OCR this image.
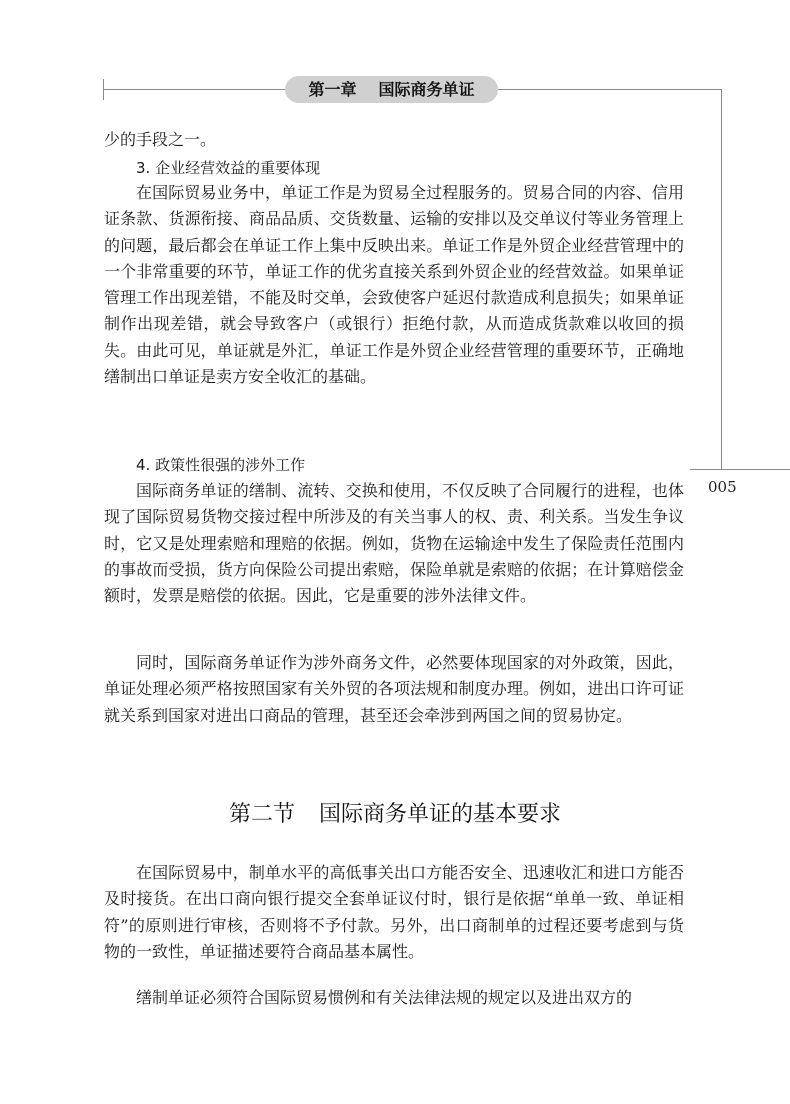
第一章 国际商务单证
005

少的手段之一。

3. 企业经营效益的重要体现

在国际贸易业务中，单证工作是为贸易全过程服务的。贸易合同的内容、信用证条款、货源衔接、商品品质、交货数量、运输的安排以及交单议付等业务管理上的问题，最后都会在单证工作上集中反映出来。单证工作是外贸企业经营管理中的一个非常重要的环节，单证工作的优劣直接关系到外贸企业的经营效益。如果单证管理工作出现差错，不能及时交单，会致使客户延迟付款造成利息损失；如果单证制作出现差错，就会导致客户（或银行）拒绝付款，从而造成货款难以收回的损失。由此可见，单证就是外汇，单证工作是外贸企业经营管理的重要环节，正确地缮制出口单证是卖方安全收汇的基础。

4. 政策性很强的涉外工作

国际商务单证的缮制、流转、交换和使用，不仅反映了合同履行的进程，也体现了国际贸易货物交接过程中所涉及的有关当事人的权、责、利关系。当发生争议时，它又是处理索赔和理赔的依据。例如，货物在运输途中发生了保险责任范围内的事故而受损，货方向保险公司提出索赔，保险单就是索赔的依据；在计算赔偿金额时，发票是赔偿的依据。因此，它是重要的涉外法律文件。

同时，国际商务单证作为涉外商务文件，必然要体现国家的对外政策，因此，单证处理必须严格按照国家有关外贸的各项法规和制度办理。例如，进出口许可证就关系到国家对进出口商品的管理，甚至还会牵涉到两国之间的贸易协定。

第二节 国际商务单证的基本要求

在国际贸易中，制单水平的高低事关出口方能否安全、迅速收汇和进口方能否及时接货。在出口商向银行提交全套单证议付时，银行是依据“单单一致、单证相符”的原则进行审核，否则将不予付款。另外，出口商制单的过程还要考虑到与货物的一致性，单证描述要符合商品基本属性。

缮制单证必须符合国际贸易惯例和有关法律法规的规定以及进出双方的
